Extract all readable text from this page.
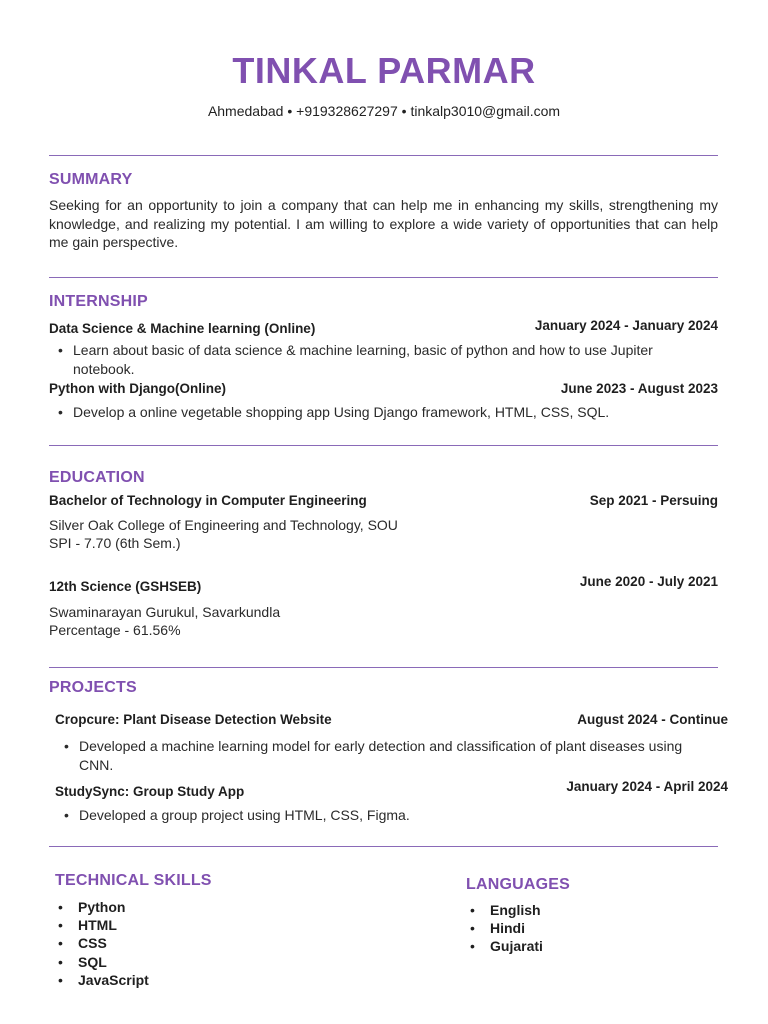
TINKAL PARMAR
Ahmedabad • +919328627297 • tinkalp3010@gmail.com
SUMMARY
Seeking for an opportunity to join a company that can help me in enhancing my skills, strengthening my knowledge, and realizing my potential. I am willing to explore a wide variety of opportunities that can help me gain perspective.
INTERNSHIP
Data Science & Machine learning (Online)	January 2024 - January 2024
• Learn about basic of data science & machine learning, basic of python and how to use Jupiter notebook.
Python with Django(Online)	June 2023 - August 2023
• Develop a online vegetable shopping app Using Django framework, HTML, CSS, SQL.
EDUCATION
Bachelor of Technology in Computer Engineering	Sep 2021 - Persuing
Silver Oak College of Engineering and Technology, SOU
SPI - 7.70 (6th Sem.)
12th Science (GSHSEB)	June 2020 - July 2021
Swaminarayan Gurukul, Savarkundla
Percentage - 61.56%
PROJECTS
Cropcure: Plant Disease Detection Website	August 2024 - Continue
• Developed a machine learning model for early detection and classification of plant diseases using CNN.
StudySync: Group Study App	January 2024 - April 2024
• Developed a group project using HTML, CSS, Figma.
TECHNICAL SKILLS
• Python
• HTML
• CSS
• SQL
• JavaScript
LANGUAGES
• English
• Hindi
• Gujarati
